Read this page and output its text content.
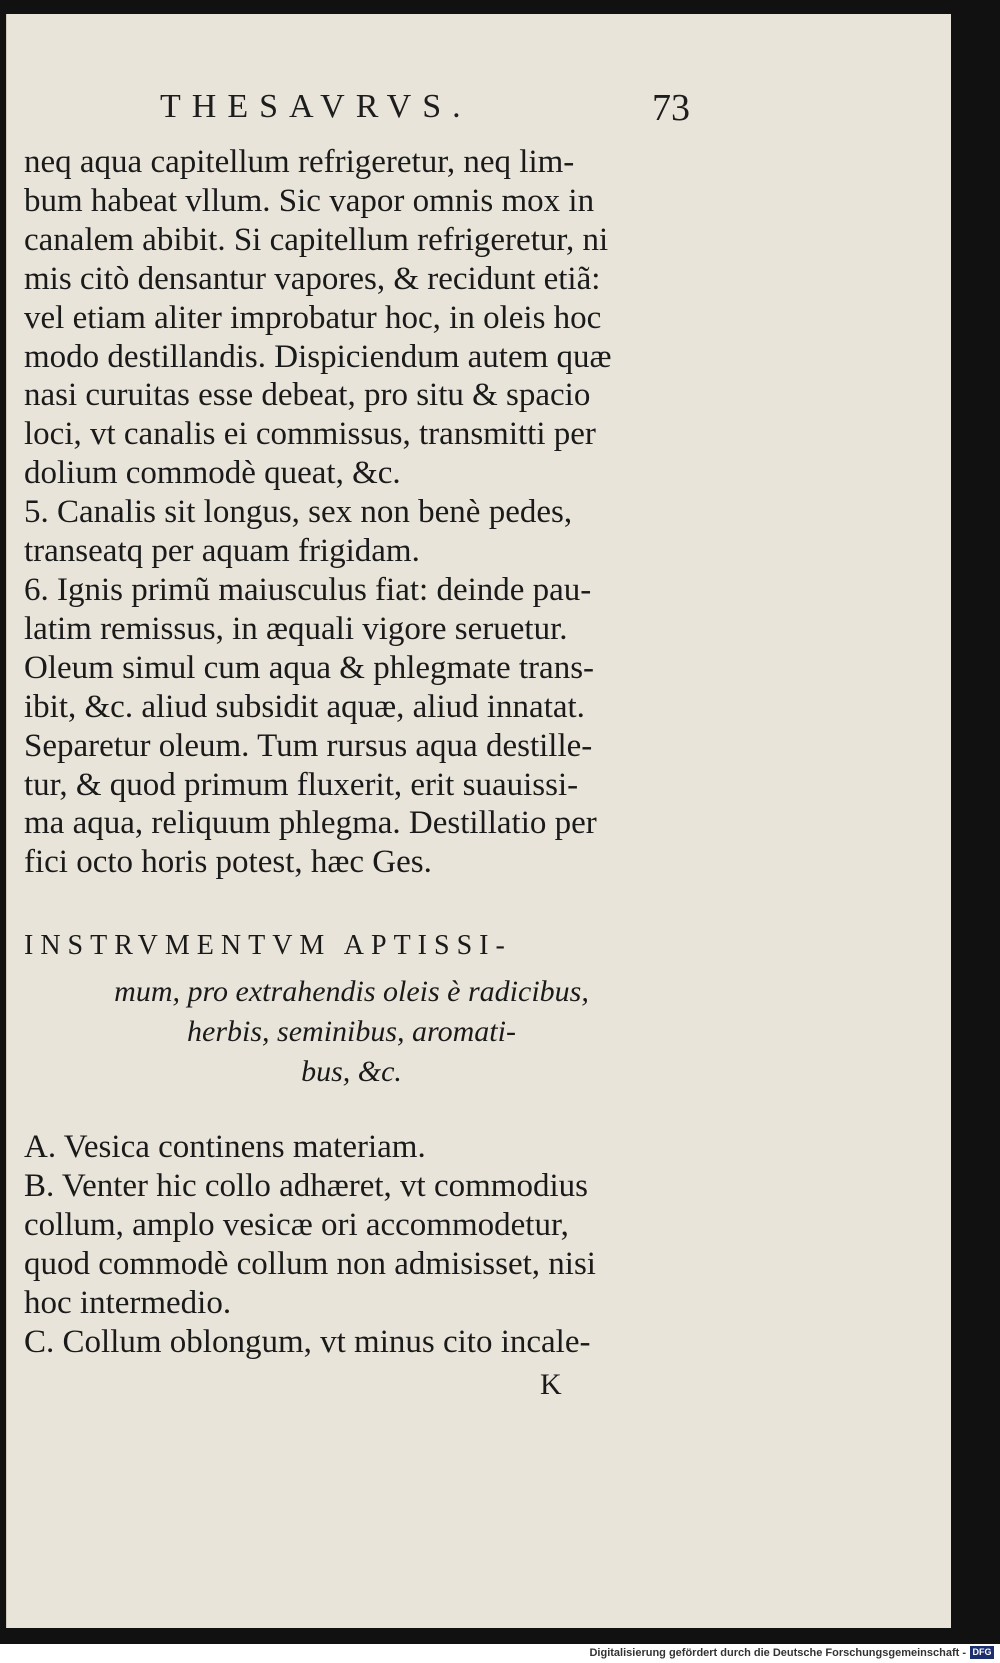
THESAVRVS.	73
neq aqua capitellum refrigeretur, neq lim-
bum habeat vllum. Sic vapor omnis mox in
canalem abibit. Si capitellum refrigeretur, ni
mis citò densantur vapores, & recidunt etiã:
vel etiam aliter improbatur hoc, in oleis hoc
modo destillandis. Dispiciendum autem quæ
nasi curuitas esse debeat, pro situ & spacio
loci, vt canalis ei commissus, transmitti per
dolium commodè queat, &c.
5. Canalis sit longus, sex non benè pedes,
transeatq per aquam frigidam.
6. Ignis primũ maiusculus fiat: deinde pau-
latim remissus, in æquali vigore seruetur.
Oleum simul cum aqua & phlegmate trans-
ibit, &c. aliud subsidit aquæ, aliud innatat.
Separetur oleum. Tum rursus aqua destille-
tur, & quod primum fluxerit, erit suauissi-
ma aqua, reliquum phlegma. Destillatio per
fici octo horis potest, hæc Ges.
INSTRVMENTVM APTISSI-
mum, pro extrahendis oleis è radicibus,
herbis, seminibus, aromati-
bus, &c.
A. Vesica continens materiam.
B. Venter hic collo adhæret, vt commodius
collum, amplo vesicæ ori accommodetur,
quod commodè collum non admisisset, nisi
hoc intermedio.
C. Collum oblongum, vt minus cito incale-
K
Digitalisierung gefördert durch die Deutsche Forschungsgemeinschaft - DFG
